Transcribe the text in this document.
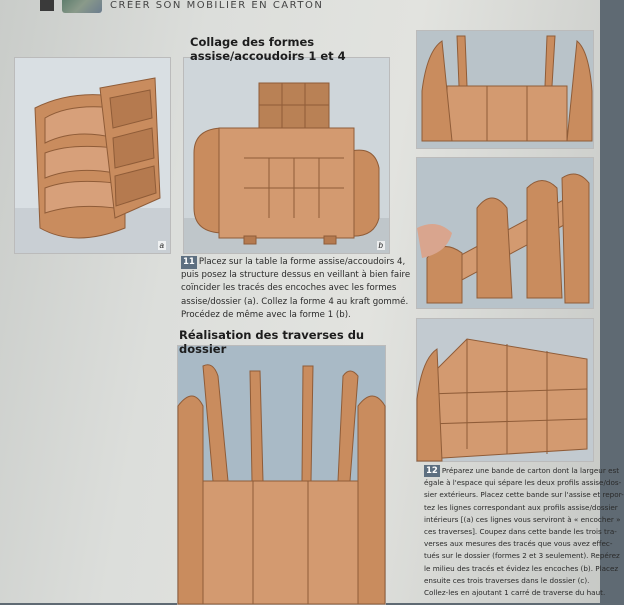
CRÉER SON MOBILIER EN CARTON
a	b
Collage des formes
assise/accoudoirs 1 et 4
Réalisation des traverses du dossier
11 Placez sur la table la forme assise/accoudoirs 4,
puis posez la structure dessus en veillant à bien faire
coïncider les tracés des encoches avec les formes
assise/dossier (a). Collez la forme 4 au kraft gommé.
Procédez de même avec la forme 1 (b).
12 Préparez une bande de carton dont la largeur est
égale à l'espace qui sépare les deux profils assise/dos-
sier extérieurs. Placez cette bande sur l'assise et repor-
tez les lignes correspondant aux profils assise/dossier
intérieurs [(a) ces lignes vous serviront à « encocher »
ces traverses]. Coupez dans cette bande les trois tra-
verses aux mesures des tracés que vous avez effec-
tués sur le dossier (formes 2 et 3 seulement). Repérez
le milieu des tracés et évidez les encoches (b). Placez
ensuite ces trois traverses dans le dossier (c).
Collez-les en ajoutant 1 carré de traverse du haut.
